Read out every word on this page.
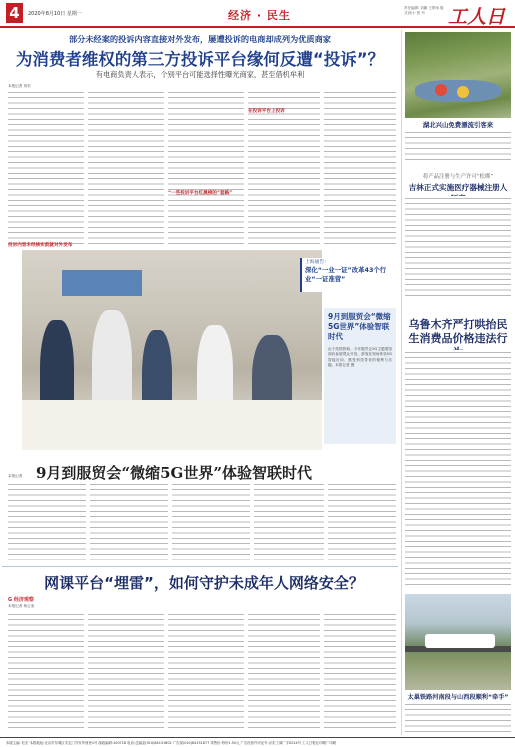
4	2020年8月10日 星期一	经济 · 民生
责任编辑: 刘鹏 王梦雨 版式设计: 张 丹	工人日
部分未经案的投诉内容直接对外发布，屡遭投诉的电商却成列为优质商家
为消费者维权的第三方投诉平台缘何反遭“投诉”？
有电商负责人表示，个别平台可能选择性曝光商家，甚至借机牟利
本报记者 刘东
投诉内容未经核实前就对外发布
“一些投诉平台红黑榜的”套路”
在投诉平台上投诉
9月到服贸会“微缩5G世界”体验智联时代
由于疫情影响，今年服贸会5G主题展馆面向参展观众开放，游客在现场体验5G智能应用，感受科技带来的便利与乐趣。本报记者 摄
9月到服贸会“微缩5G世界”体验智联时代
本报记者
网课平台“埋雷”，如何守护未成年人网络安全？
G 经济观察
本报记者 杨召奎
湖北兴山免费漂流引客来
将产品注册与生产许可“松绑”
吉林正式实施医疗器械注册人
上海通告:
深化“一业一证”改革43个行业“一证准营”
乌鲁木齐严打哄抬民生消费品价格违法行
太巢铁路河南段与山西段顺利“牵手”
本版主编: 杜宏 本报地址:北京市东城区安定门外安华西里1号 邮政编码:100718 电话:总编室(010)84151602 广告部(010)84151677 零售价:每份1.50元 广告经营许可证号:京东工商广字0014号 工人日报社印刷厂印刷
